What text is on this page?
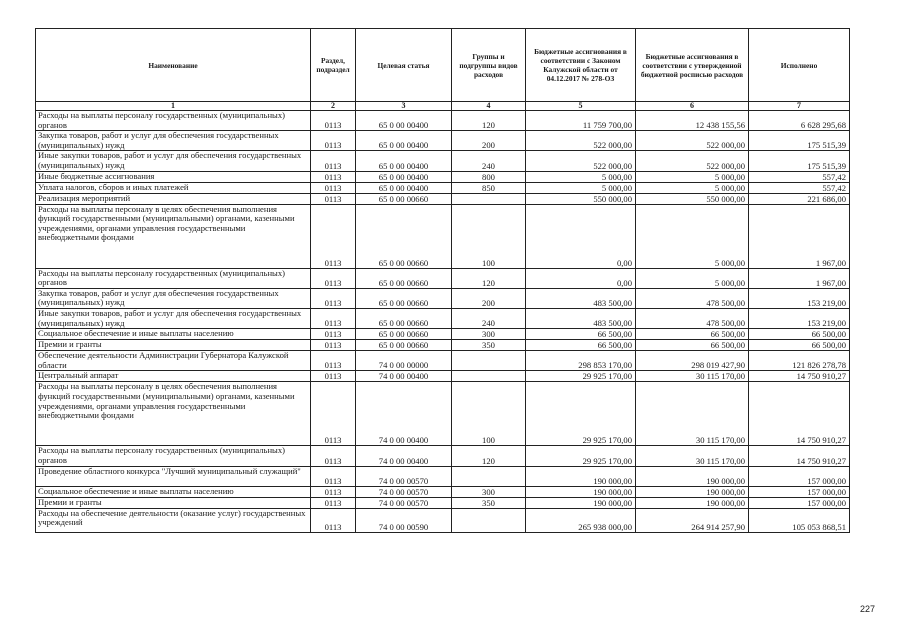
Наименование	Раздел, подраздел	Целевая статья	Группы и подгруппы видов расходов	Бюджетные ассигнования в соответствии с Законом Калужской области от 04.12.2017 № 278-ОЗ	Бюджетные ассигнования в соответствии с утвержденной бюджетной росписью расходов	Исполнено
1	2	3	4	5	6	7
Расходы на выплаты персоналу государственных (муниципальных) органов	0113	65 0 00 00400	120	11 759 700,00	12 438 155,56	6 628 295,68
Закупка товаров, работ и услуг для обеспечения государственных (муниципальных) нужд	0113	65 0 00 00400	200	522 000,00	522 000,00	175 515,39
Иные закупки товаров, работ и услуг для обеспечения государственных (муниципальных) нужд	0113	65 0 00 00400	240	522 000,00	522 000,00	175 515,39
Иные бюджетные ассигнования	0113	65 0 00 00400	800	5 000,00	5 000,00	557,42
Уплата налогов, сборов и иных платежей	0113	65 0 00 00400	850	5 000,00	5 000,00	557,42
Реализация мероприятий	0113	65 0 00 00660		550 000,00	550 000,00	221 686,00
Расходы на выплаты персоналу в целях обеспечения выполнения функций государственными (муниципальными) органами, казенными учреждениями, органами управления государственными внебюджетными фондами	0113	65 0 00 00660	100	0,00	5 000,00	1 967,00
Расходы на выплаты персоналу государственных (муниципальных) органов	0113	65 0 00 00660	120	0,00	5 000,00	1 967,00
Закупка товаров, работ и услуг для обеспечения государственных (муниципальных) нужд	0113	65 0 00 00660	200	483 500,00	478 500,00	153 219,00
Иные закупки товаров, работ и услуг для обеспечения государственных (муниципальных) нужд	0113	65 0 00 00660	240	483 500,00	478 500,00	153 219,00
Социальное обеспечение и иные выплаты населению	0113	65 0 00 00660	300	66 500,00	66 500,00	66 500,00
Премии и гранты	0113	65 0 00 00660	350	66 500,00	66 500,00	66 500,00
Обеспечение деятельности Администрации Губернатора Калужской области	0113	74 0 00 00000		298 853 170,00	298 019 427,90	121 826 278,78
Центральный аппарат	0113	74 0 00 00400		29 925 170,00	30 115 170,00	14 750 910,27
Расходы на выплаты персоналу в целях обеспечения выполнения функций государственными (муниципальными) органами, казенными учреждениями, органами управления государственными внебюджетными фондами	0113	74 0 00 00400	100	29 925 170,00	30 115 170,00	14 750 910,27
Расходы на выплаты персоналу государственных (муниципальных) органов	0113	74 0 00 00400	120	29 925 170,00	30 115 170,00	14 750 910,27
Проведение областного конкурса "Лучший муниципальный служащий"	0113	74 0 00 00570		190 000,00	190 000,00	157 000,00
Социальное обеспечение и иные выплаты населению	0113	74 0 00 00570	300	190 000,00	190 000,00	157 000,00
Премии и гранты	0113	74 0 00 00570	350	190 000,00	190 000,00	157 000,00
Расходы на обеспечение деятельности (оказание услуг) государственных учреждений	0113	74 0 00 00590		265 938 000,00	264 914 257,90	105 053 868,51
227
